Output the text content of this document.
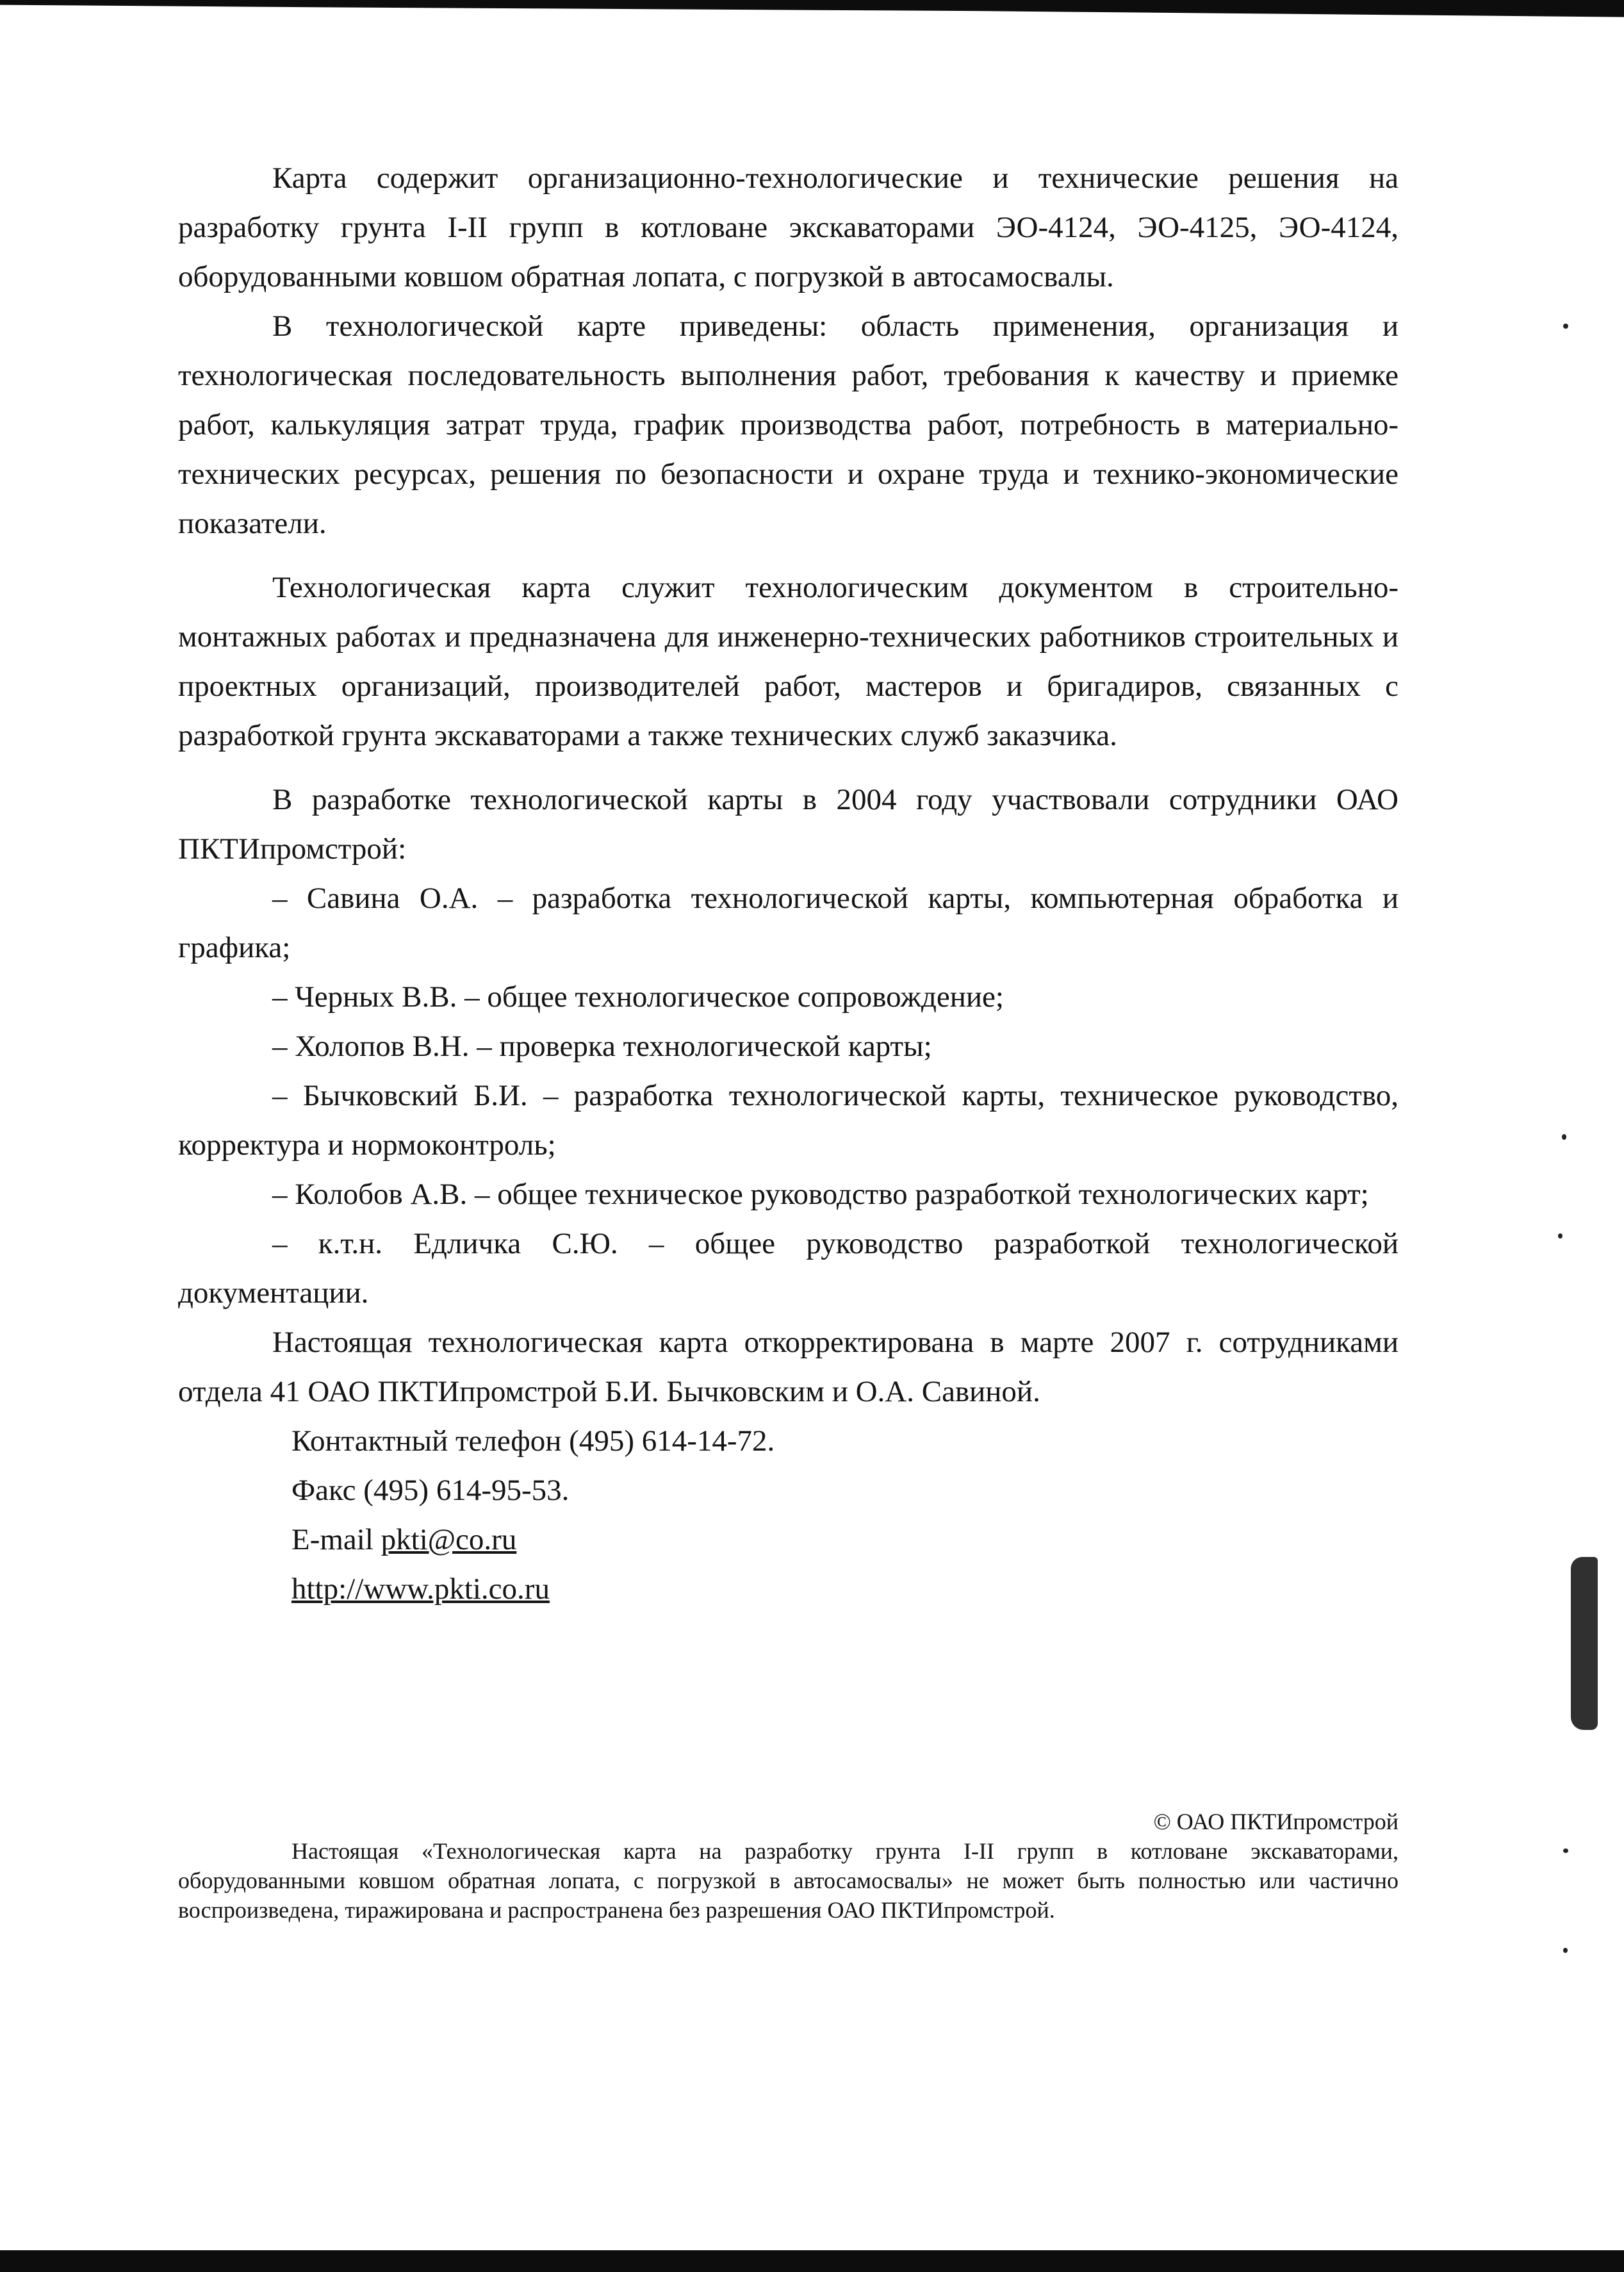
Карта содержит организационно-технологические и технические решения на разработку грунта I-II групп в котловане экскаваторами ЭО-4124, ЭО-4125, ЭО-4124, оборудованными ковшом обратная лопата, с погрузкой в автосамосвалы.

В технологической карте приведены: область применения, организация и технологическая последовательность выполнения работ, требования к качеству и приемке работ, калькуляция затрат труда, график производства работ, потребность в материально-технических ресурсах, решения по безопасности и охране труда и технико-экономические показатели.

Технологическая карта служит технологическим документом в строительно-монтажных работах и предназначена для инженерно-технических работников строительных и проектных организаций, производителей работ, мастеров и бригадиров, связанных с разработкой грунта экскаваторами а также технических служб заказчика.

В разработке технологической карты в 2004 году участвовали сотрудники ОАО ПКТИпромстрой:

– Савина О.А. – разработка технологической карты, компьютерная обработка и графика;

– Черных В.В. – общее технологическое сопровождение;

– Холопов В.Н. – проверка технологической карты;

– Бычковский Б.И. – разработка технологической карты, техническое руководство, корректура и нормоконтроль;

– Колобов А.В. – общее техническое руководство разработкой технологических карт;

– к.т.н. Едличка С.Ю. – общее руководство разработкой технологической документации.

Настоящая технологическая карта откорректирована в марте 2007 г. сотрудниками отдела 41 ОАО ПКТИпромстрой Б.И. Бычковским и О.А. Савиной.

Контактный телефон (495) 614-14-72.

Факс (495) 614-95-53.

E-mail pkti@co.ru

http://www.pkti.co.ru

© ОАО ПКТИпромстрой

Настоящая «Технологическая карта на разработку грунта I-II групп в котловане экскаваторами, оборудованными ковшом обратная лопата, с погрузкой в автосамосвалы» не может быть полностью или частично воспроизведена, тиражирована и распространена без разрешения ОАО ПКТИпромстрой.
